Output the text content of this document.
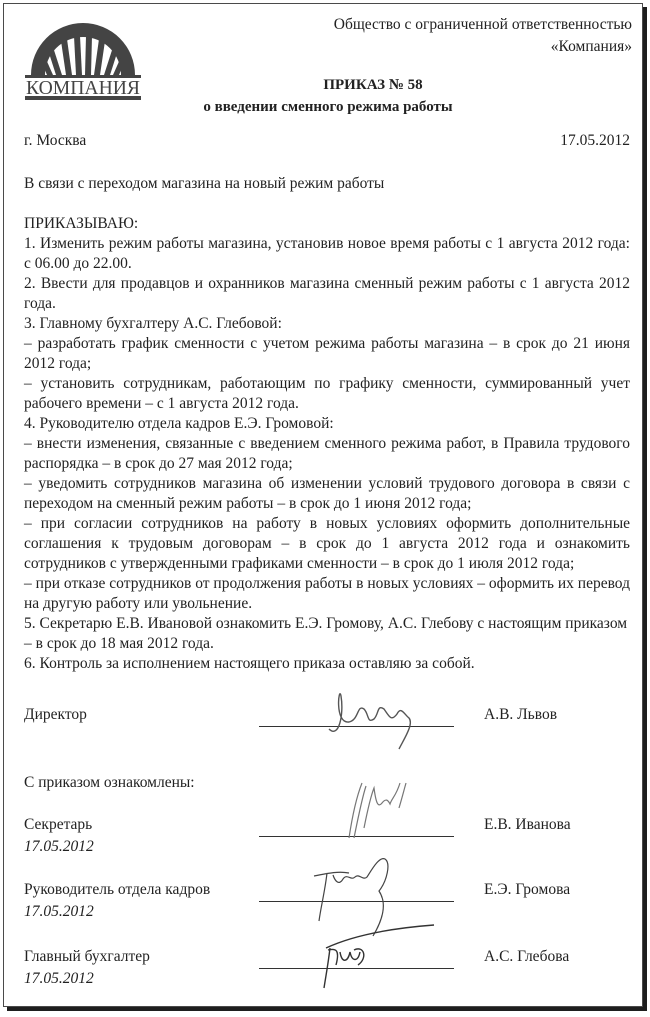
КОМПАНИЯ
Общество с ограниченной ответственностью
«Компания»
ПРИКАЗ № 58
о введении сменного режима работы
г. Москва	17.05.2012

В связи с переходом магазина на новый режим работы

ПРИКАЗЫВАЮ:

1. Изменить режим работы магазина, установив новое время работы с 1 августа 2012 года: с 06.00 до 22.00.

2. Ввести для продавцов и охранников магазина сменный режим работы с 1 августа 2012 года.

3. Главному бухгалтеру А.С. Глебовой:

– разработать график сменности с учетом режима работы магазина – в срок до 21 июня 2012 года;

– установить сотрудникам, работающим по графику сменности, суммированный учет рабочего времени – с 1 августа 2012 года.

4. Руководителю отдела кадров Е.Э. Громовой:

– внести изменения, связанные с введением сменного режима работ, в Правила трудового распорядка – в срок до 27 мая 2012 года;

– уведомить сотрудников магазина об изменении условий трудового договора в связи с переходом на сменный режим работы – в срок до 1 июня 2012 года;

– при согласии сотрудников на работу в новых условиях оформить дополнительные соглашения к трудовым договорам – в срок до 1 августа 2012 года и ознакомить сотрудников с утвержденными графиками сменности – в срок до 1 июля 2012 года;

– при отказе сотрудников от продолжения работы в новых условиях – оформить их перевод на другую работу или увольнение.

5. Секретарю Е.В. Ивановой ознакомить Е.Э. Громову, А.С. Глебову с настоящим приказом

– в срок до 18 мая 2012 года.

6. Контроль за исполнением настоящего приказа оставляю за собой.

Директор	А.В. Львов
С приказом ознакомлены:
Секретарь
17.05.2012
Е.В. Иванова
Руководитель отдела кадров
17.05.2012
Е.Э. Громова
Главный бухгалтер
17.05.2012
А.С. Глебова
